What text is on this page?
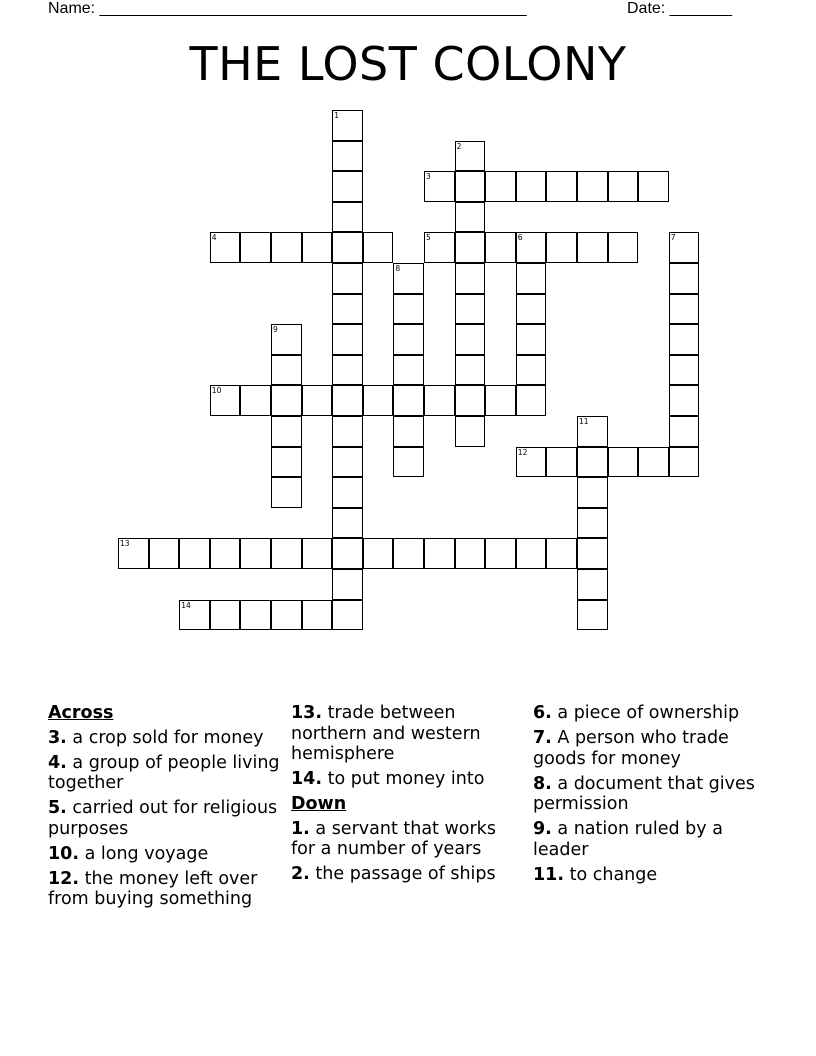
Name: ________________________________________________	Date: _______
THE LOST COLONY
1
2
3
4	5	6	7
8
9
10
11
12
13
14
Across
3. a crop sold for money
4. a group of people living together
5. carried out for religious purposes
10. a long voyage
12. the money left over from buying something
13. trade between northern and western hemisphere
14. to put money into
Down
1. a servant that works for a number of years
2. the passage of ships
6. a piece of ownership
7. A person who trade goods for money
8. a document that gives permission
9. a nation ruled by a leader
11. to change
